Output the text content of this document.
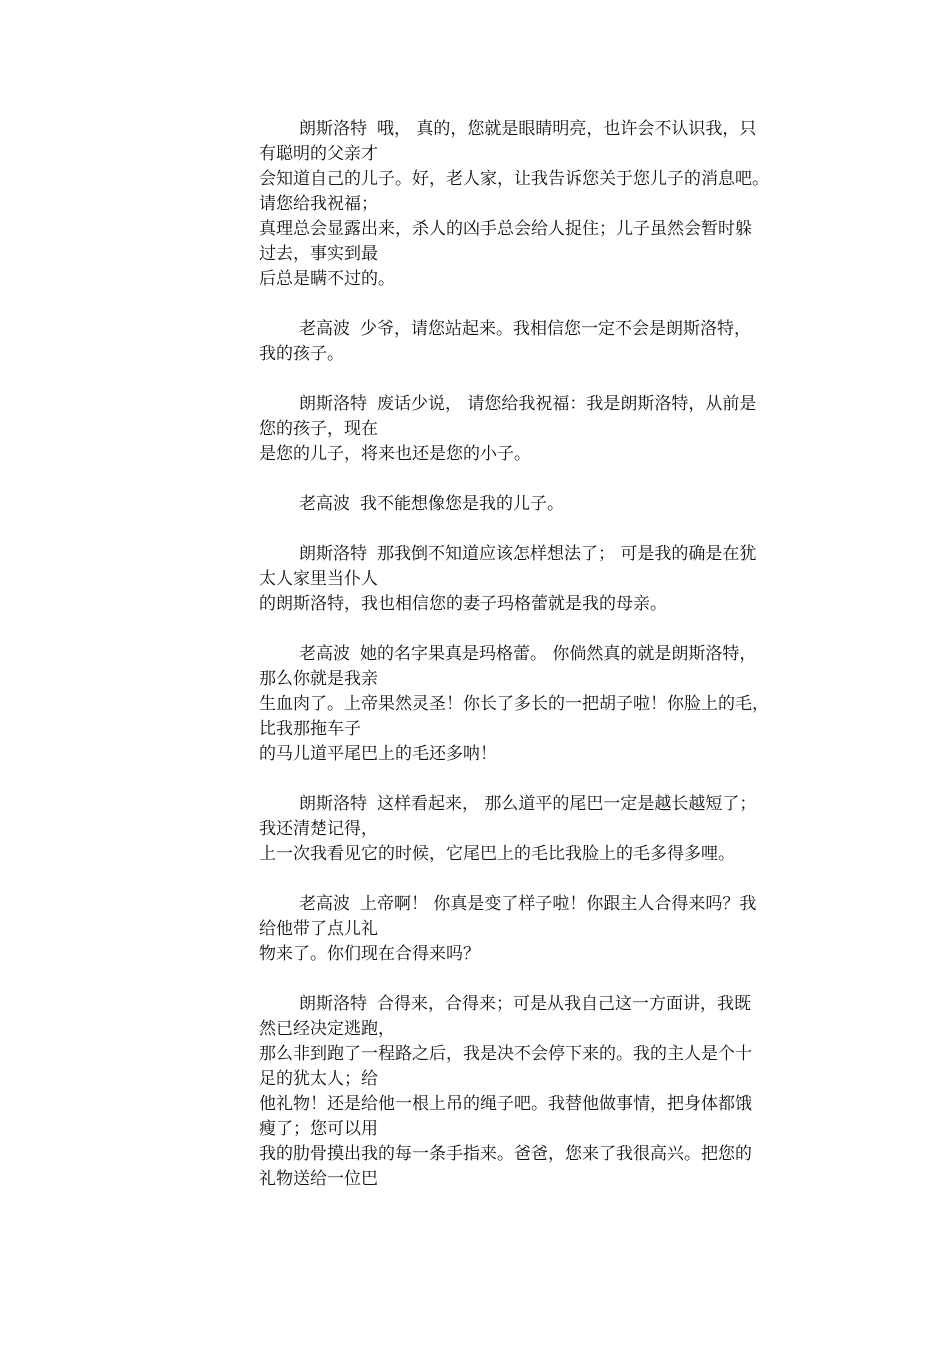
朗斯洛特 哦， 真的，您就是眼睛明亮，也许会不认识我，只
有聪明的父亲才
会知道自己的儿子。好，老人家，让我告诉您关于您儿子的消息吧。
请您给我祝福；
真理总会显露出来，杀人的凶手总会给人捉住；儿子虽然会暂时躲
过去，事实到最
后总是瞒不过的。
老高波 少爷，请您站起来。我相信您一定不会是朗斯洛特，
我的孩子。
朗斯洛特 废话少说， 请您给我祝福：我是朗斯洛特，从前是
您的孩子，现在
是您的儿子，将来也还是您的小子。
老高波 我不能想像您是我的儿子。
朗斯洛特 那我倒不知道应该怎样想法了； 可是我的确是在犹
太人家里当仆人
的朗斯洛特，我也相信您的妻子玛格蕾就是我的母亲。
老高波 她的名字果真是玛格蕾。 你倘然真的就是朗斯洛特，
那么你就是我亲
生血肉了。上帝果然灵圣！你长了多长的一把胡子啦！你脸上的毛，
比我那拖车子
的马儿道平尾巴上的毛还多呐！
朗斯洛特 这样看起来， 那么道平的尾巴一定是越长越短了；
我还清楚记得，
上一次我看见它的时候，它尾巴上的毛比我脸上的毛多得多哩。
老高波 上帝啊！ 你真是变了样子啦！你跟主人合得来吗？我
给他带了点儿礼
物来了。你们现在合得来吗？
朗斯洛特 合得来，合得来；可是从我自己这一方面讲，我既
然已经决定逃跑，
那么非到跑了一程路之后，我是决不会停下来的。我的主人是个十
足的犹太人；给
他礼物！还是给他一根上吊的绳子吧。我替他做事情，把身体都饿
瘦了；您可以用
我的肋骨摸出我的每一条手指来。爸爸，您来了我很高兴。把您的
礼物送给一位巴
